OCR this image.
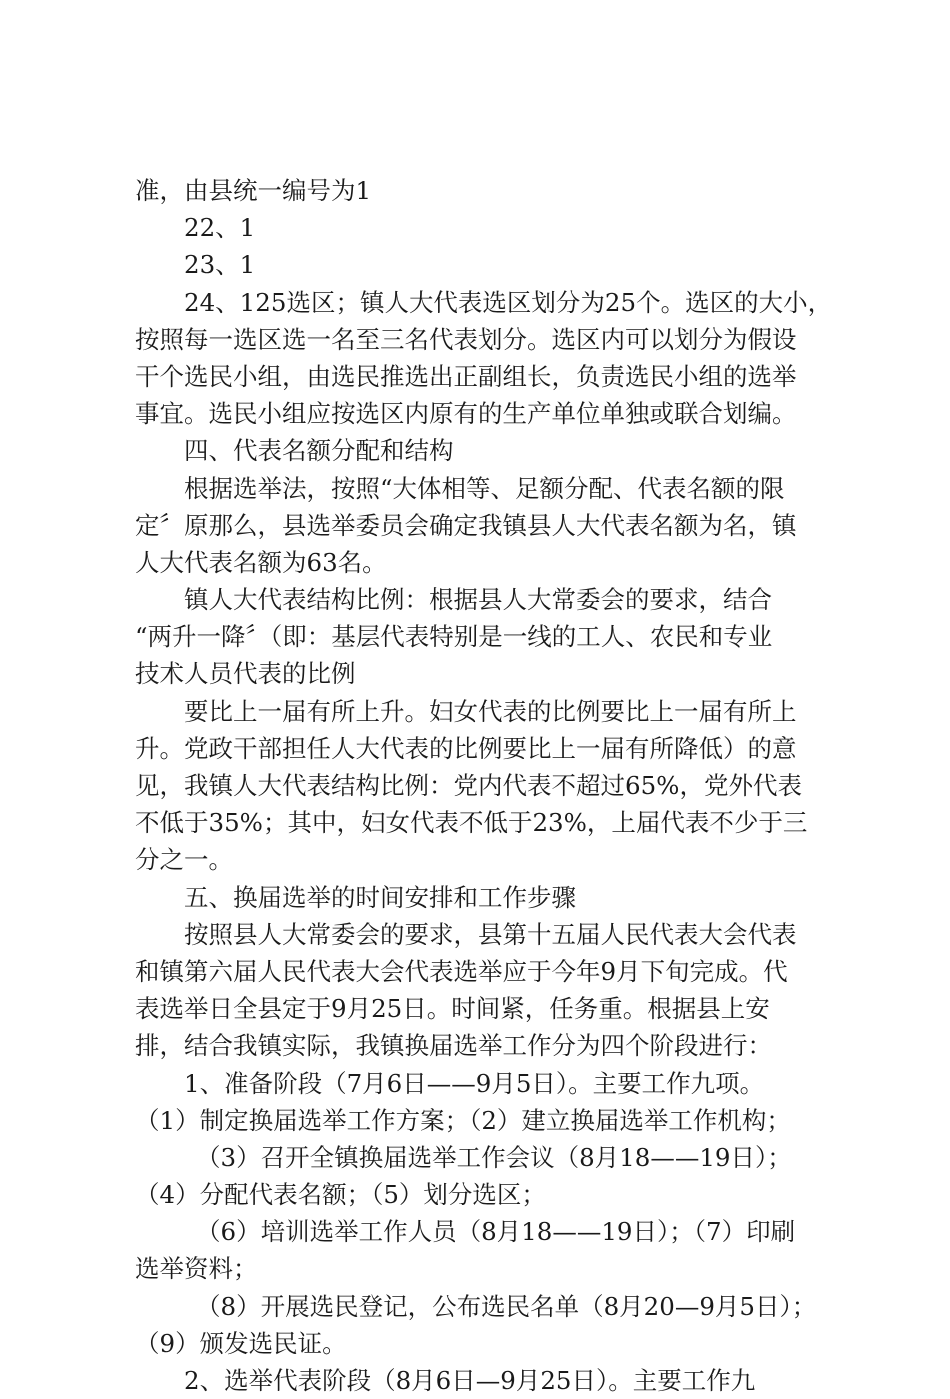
准，由县统一编号为1
22、1
23、1
24、125选区；镇人大代表选区划分为25个。选区的大小，
按照每一选区选一名至三名代表划分。选区内可以划分为假设
干个选民小组，由选民推选出正副组长，负责选民小组的选举
事宜。选民小组应按选区内原有的生产单位单独或联合划编。
四、代表名额分配和结构
根据选举法，按照“大体相等、足额分配、代表名额的限
定〞原那么，县选举委员会确定我镇县人大代表名额为名，镇
人大代表名额为63名。
镇人大代表结构比例：根据县人大常委会的要求，结合
“两升一降〞（即：基层代表特别是一线的工人、农民和专业
技术人员代表的比例
要比上一届有所上升。妇女代表的比例要比上一届有所上
升。党政干部担任人大代表的比例要比上一届有所降低）的意
见，我镇人大代表结构比例：党内代表不超过65%，党外代表
不低于35%；其中，妇女代表不低于23%，上届代表不少于三
分之一。
五、换届选举的时间安排和工作步骤
按照县人大常委会的要求，县第十五届人民代表大会代表
和镇第六届人民代表大会代表选举应于今年9月下旬完成。代
表选举日全县定于9月25日。时间紧，任务重。根据县上安
排，结合我镇实际，我镇换届选举工作分为四个阶段进行：
1、准备阶段（7月6日——9月5日）。主要工作九项。
（1）制定换届选举工作方案；（2）建立换届选举工作机构；
（3）召开全镇换届选举工作会议（8月18——19日）；
（4）分配代表名额；（5）划分选区；
（6）培训选举工作人员（8月18——19日）；（7）印刷
选举资料；
（8）开展选民登记，公布选民名单（8月20—9月5日）；
（9）颁发选民证。
2、选举代表阶段（8月6日—9月25日）。主要工作九
